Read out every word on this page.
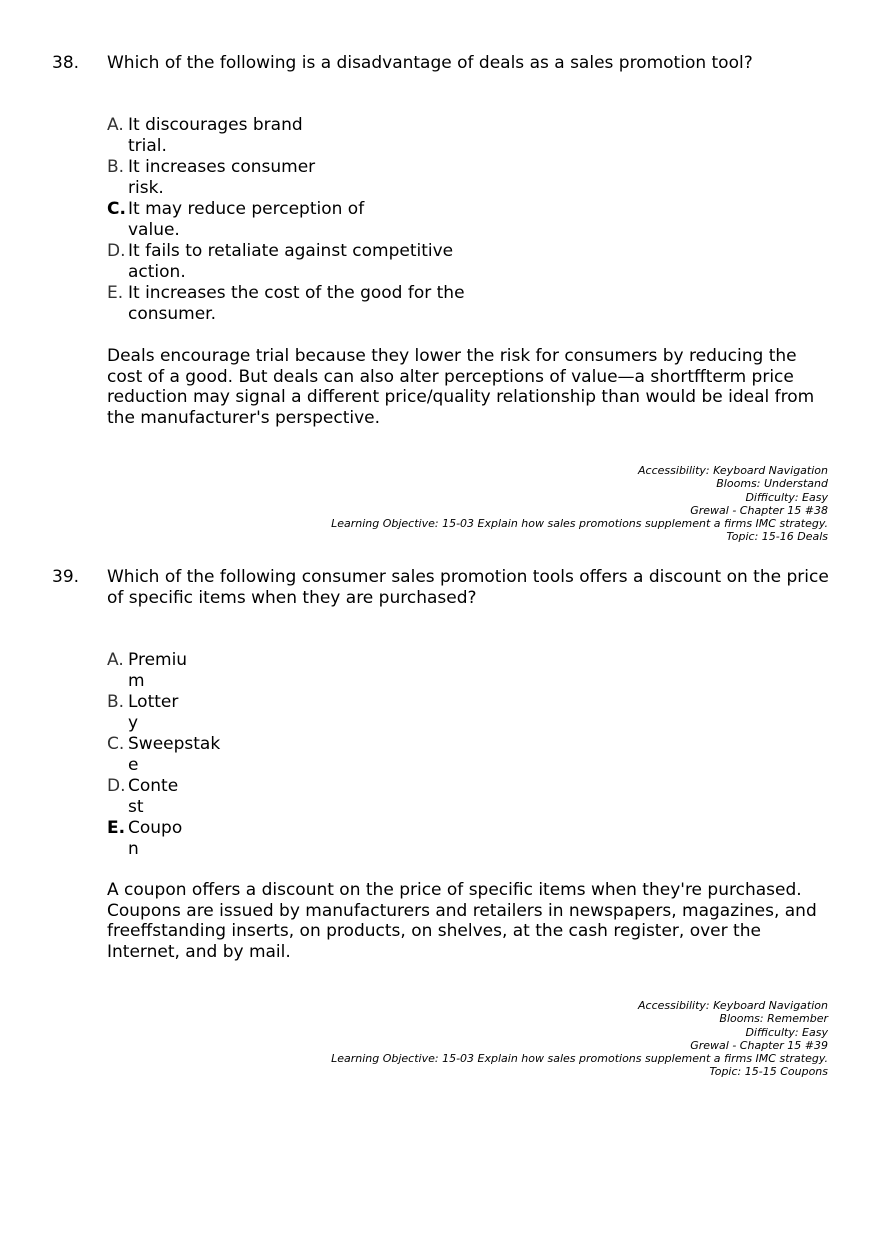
38. Which of the following is a disadvantage of deals as a sales promotion tool?
A. It discourages brand trial.
B. It increases consumer risk.
C. It may reduce perception of value.
D. It fails to retaliate against competitive action.
E. It increases the cost of the good for the consumer.
Deals encourage trial because they lower the risk for consumers by reducing the cost of a good. But deals can also alter perceptions of value—a shortffterm price reduction may signal a different price/quality relationship than would be ideal from the manufacturer's perspective.
Accessibility: Keyboard Navigation
Blooms: Understand
Difficulty: Easy
Grewal - Chapter 15 #38
Learning Objective: 15-03 Explain how sales promotions supplement a firms IMC strategy.
Topic: 15-16 Deals
39. Which of the following consumer sales promotion tools offers a discount on the price of specific items when they are purchased?
A. Premium
B. Lottery
C. Sweepstake
D. Contest
E. Coupon
A coupon offers a discount on the price of specific items when they're purchased. Coupons are issued by manufacturers and retailers in newspapers, magazines, and freeffstanding inserts, on products, on shelves, at the cash register, over the Internet, and by mail.
Accessibility: Keyboard Navigation
Blooms: Remember
Difficulty: Easy
Grewal - Chapter 15 #39
Learning Objective: 15-03 Explain how sales promotions supplement a firms IMC strategy.
Topic: 15-15 Coupons
